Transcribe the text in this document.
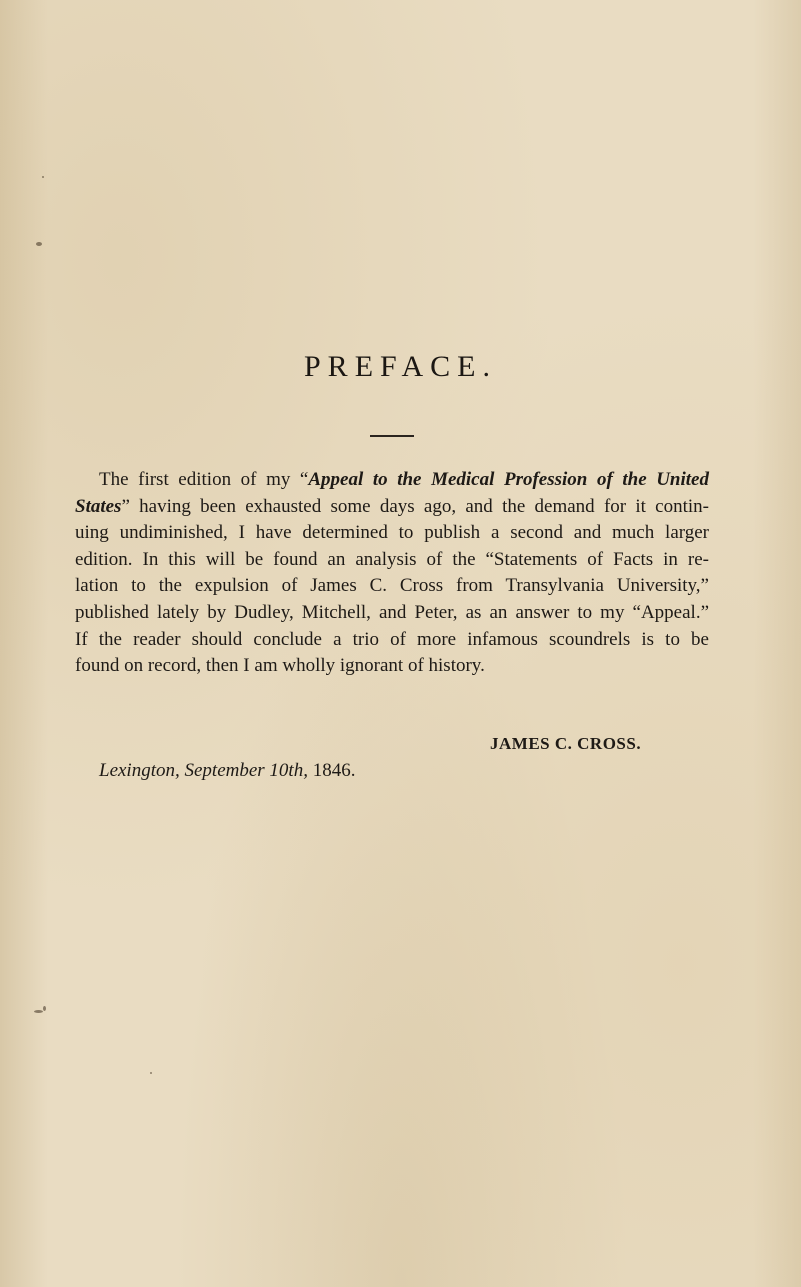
PREFACE.
The first edition of my “Appeal to the Medical Profession of the United
States” having been exhausted some days ago, and the demand for it contin-
uing undiminished, I have determined to publish a second and much larger
edition. In this will be found an analysis of the “Statements of Facts in re-
lation to the expulsion of James C. Cross from Transylvania University,”
published lately by Dudley, Mitchell, and Peter, as an answer to my “Appeal.”
If the reader should conclude a trio of more infamous scoundrels is to be
found on record, then I am wholly ignorant of history.
JAMES C. CROSS.
Lexington, September 10th, 1846.
